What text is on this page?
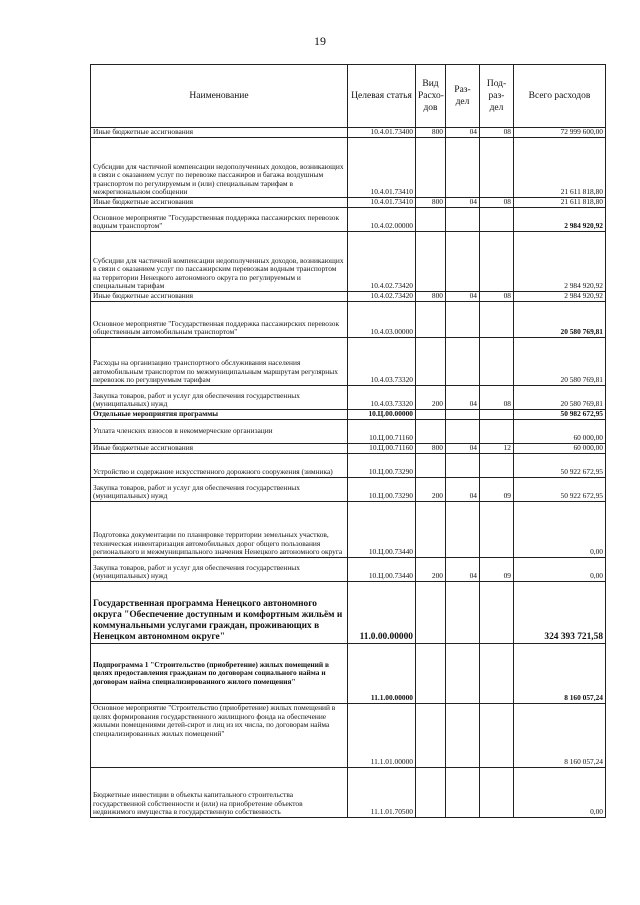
19
Наименование	Целевая статья	Вид Расхо-дов	Раз-дел	Под-раз-дел	Всего расходов
Иные бюджетные ассигнования	10.4.01.73400	800	04	08	72 999 600,00
Субсидии для частичной компенсации недополученных доходов, возникающих в связи с оказанием услуг по перевозке пассажиров и багажа воздушным транспортом по регулируемым и (или) специальным тарифам в межрегиональном сообщении	10.4.01.73410				21 611 818,80
Иные бюджетные ассигнования	10.4.01.73410	800	04	08	21 611 818,80
Основное мероприятие "Государственная поддержка пассажирских перевозок водным транспортом"	10.4.02.00000				2 984 920,92
Субсидии для частичной компенсации недополученных доходов, возникающих в связи с оказанием услуг по пассажирским перевозкам водным транспортом на территории Ненецкого автономного округа по регулируемым и специальным тарифам	10.4.02.73420				2 984 920,92
Иные бюджетные ассигнования	10.4.02.73420	800	04	08	2 984 920,92
Основное мероприятие "Государственная поддержка пассажирских перевозок общественным автомобильным транспортом"	10.4.03.00000				20 580 769,81
Расходы на организацию транспортного обслуживания населения автомобильным транспортом по межмуниципальным маршрутам регулярных перевозок по регулируемым тарифам	10.4.03.73320				20 580 769,81
Закупка товаров, работ и услуг для обеспечения государственных (муниципальных) нужд	10.4.03.73320	200	04	08	20 580 769,81
Отдельные мероприятия программы	10.Ц.00.00000				50 982 672,95
Уплата членских взносов в некоммерческие организации	10.Ц.00.71160				60 000,00
Иные бюджетные ассигнования	10.Ц.00.71160	800	04	12	60 000,00
Устройство и содержание искусственного дорожного сооружения (зимника)	10.Ц.00.73290				50 922 672,95
Закупка товаров, работ и услуг для обеспечения государственных (муниципальных) нужд	10.Ц.00.73290	200	04	09	50 922 672,95
Подготовка документации по планировке территории земельных участков, техническая инвентаризация автомобильных дорог общего пользования регионального и межмуниципального значения Ненецкого автономного округа	10.Ц.00.73440				0,00
Закупка товаров, работ и услуг для обеспечения государственных (муниципальных) нужд	10.Ц.00.73440	200	04	09	0,00
Государственная программа Ненецкого автономного округа "Обеспечение доступным и комфортным жильём и коммунальными услугами граждан, проживающих в Ненецком автономном округе"	11.0.00.00000				324 393 721,58
Подпрограмма 1 "Строительство (приобретение) жилых помещений в целях предоставления гражданам по договорам социального найма и договорам найма специализированного жилого помещения"	11.1.00.00000				8 160 057,24
Основное мероприятие "Строительство (приобретение) жилых помещений в целях формирования государственного жилищного фонда на обеспечение жилыми помещениями детей-сирот и лиц из их числа, по договорам найма специализированных жилых помещений"	11.1.01.00000				8 160 057,24
Бюджетные инвестиции в объекты капитального строительства государственной собственности и (или) на приобретение объектов недвижимого имущества в государственную собственность	11.1.01.70500				0,00
